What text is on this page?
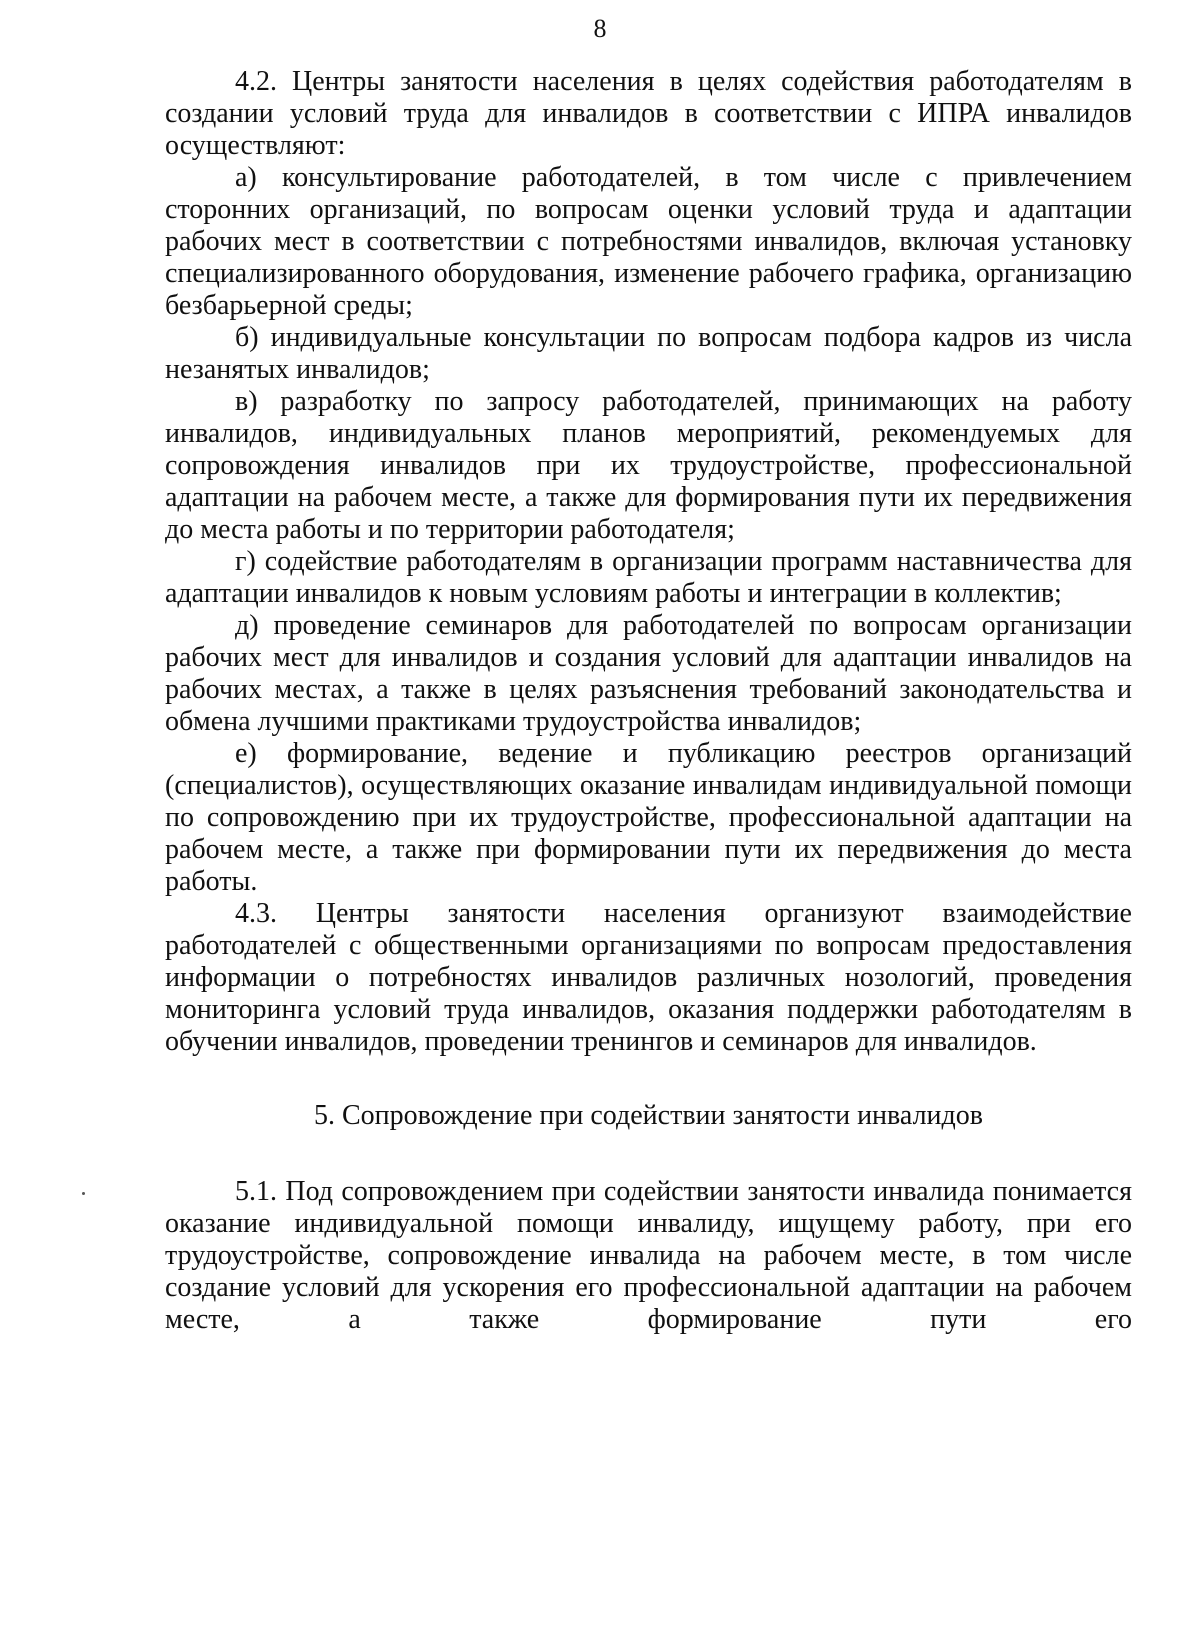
8

4.2. Центры занятости населения в целях содействия работодателям в создании условий труда для инвалидов в соответствии с ИПРА инвалидов осуществляют:

а) консультирование работодателей, в том числе с привлечением сторонних организаций, по вопросам оценки условий труда и адаптации рабочих мест в соответствии с потребностями инвалидов, включая установку специализированного оборудования, изменение рабочего графика, организацию безбарьерной среды;

б) индивидуальные консультации по вопросам подбора кадров из числа незанятых инвалидов;

в) разработку по запросу работодателей, принимающих на работу инвалидов, индивидуальных планов мероприятий, рекомендуемых для сопровождения инвалидов при их трудоустройстве, профессиональной адаптации на рабочем месте, а также для формирования пути их передвижения до места работы и по территории работодателя;

г) содействие работодателям в организации программ наставничества для адаптации инвалидов к новым условиям работы и интеграции в коллектив;

д) проведение семинаров для работодателей по вопросам организации рабочих мест для инвалидов и создания условий для адаптации инвалидов на рабочих местах, а также в целях разъяснения требований законодательства и обмена лучшими практиками трудоустройства инвалидов;

е) формирование, ведение и публикацию реестров организаций (специалистов), осуществляющих оказание инвалидам индивидуальной помощи по сопровождению при их трудоустройстве, профессиональной адаптации на рабочем месте, а также при формировании пути их передвижения до места работы.

4.3. Центры занятости населения организуют взаимодействие работодателей с общественными организациями по вопросам предоставления информации о потребностях инвалидов различных нозологий, проведения мониторинга условий труда инвалидов, оказания поддержки работодателям в обучении инвалидов, проведении тренингов и семинаров для инвалидов.

5. Сопровождение при содействии занятости инвалидов

5.1. Под сопровождением при содействии занятости инвалида понимается оказание индивидуальной помощи инвалиду, ищущему работу, при его трудоустройстве, сопровождение инвалида на рабочем месте, в том числе создание условий для ускорения его профессиональной адаптации на рабочем месте, а также формирование пути его
